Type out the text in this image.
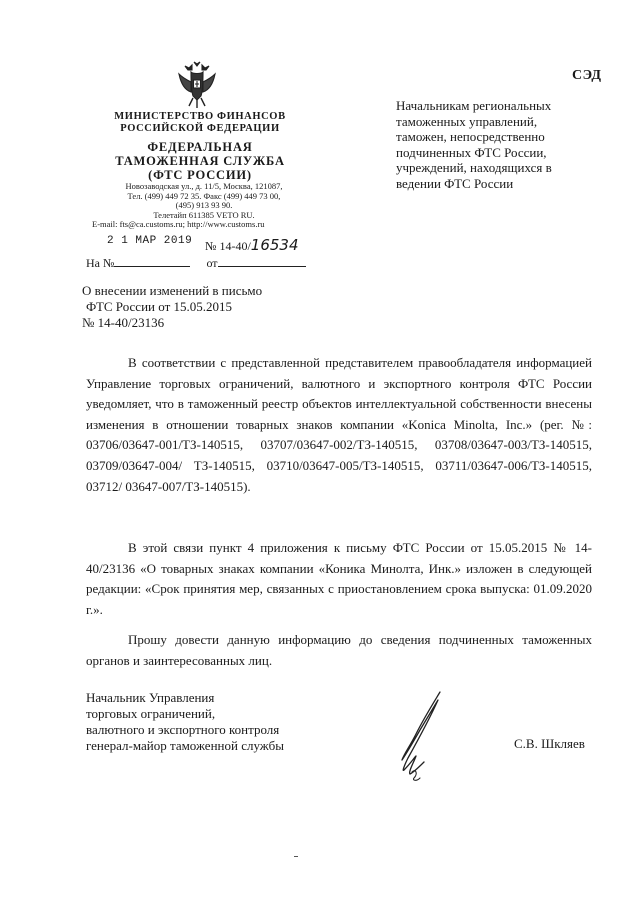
СЭД
МИНИСТЕРСТВО ФИНАНСОВ
РОССИЙСКОЙ ФЕДЕРАЦИИ
ФЕДЕРАЛЬНАЯ
ТАМОЖЕННАЯ СЛУЖБА
(ФТС РОССИИ)
Новозаводская ул., д. 11/5, Москва, 121087,
Тел. (499) 449 72 35. Факс (499) 449 73 00,
(495) 913 93 90.
Телетайп 611385 VETO RU.
E-mail: fts@ca.customs.ru; http://www.customs.ru
2 1 MAP 2019 № 14-40/16534
На №	от
Начальникам региональных
таможенных управлений,
таможен, непосредственно
подчиненных ФТС России,
учреждений, находящихся в
ведении ФТС России
О внесении изменений в письмо
ФТС России от 15.05.2015
№ 14-40/23136
В соответствии с представленной представителем правообладателя информацией Управление торговых ограничений, валютного и экспортного контроля ФТС России уведомляет, что в таможенный реестр объектов интеллектуальной собственности внесены изменения в отношении товарных знаков компании «Konica Minolta, Inc.» (рег. №: 03706/03647-001/ТЗ-140515, 03707/03647-002/ТЗ-140515, 03708/03647-003/ТЗ-140515, 03709/03647-004/ ТЗ-140515, 03710/03647-005/ТЗ-140515, 03711/03647-006/ТЗ-140515, 03712/ 03647-007/ТЗ-140515).
В этой связи пункт 4 приложения к письму ФТС России от 15.05.2015 № 14-40/23136 «О товарных знаках компании «Коника Минолта, Инк.» изложен в следующей редакции: «Срок принятия мер, связанных с приостановлением срока выпуска: 01.09.2020 г.».
Прошу довести данную информацию до сведения подчиненных таможенных органов и заинтересованных лиц.
Начальник Управления
торговых ограничений,
валютного и экспортного контроля
генерал-майор таможенной службы	С.В. Шкляев
